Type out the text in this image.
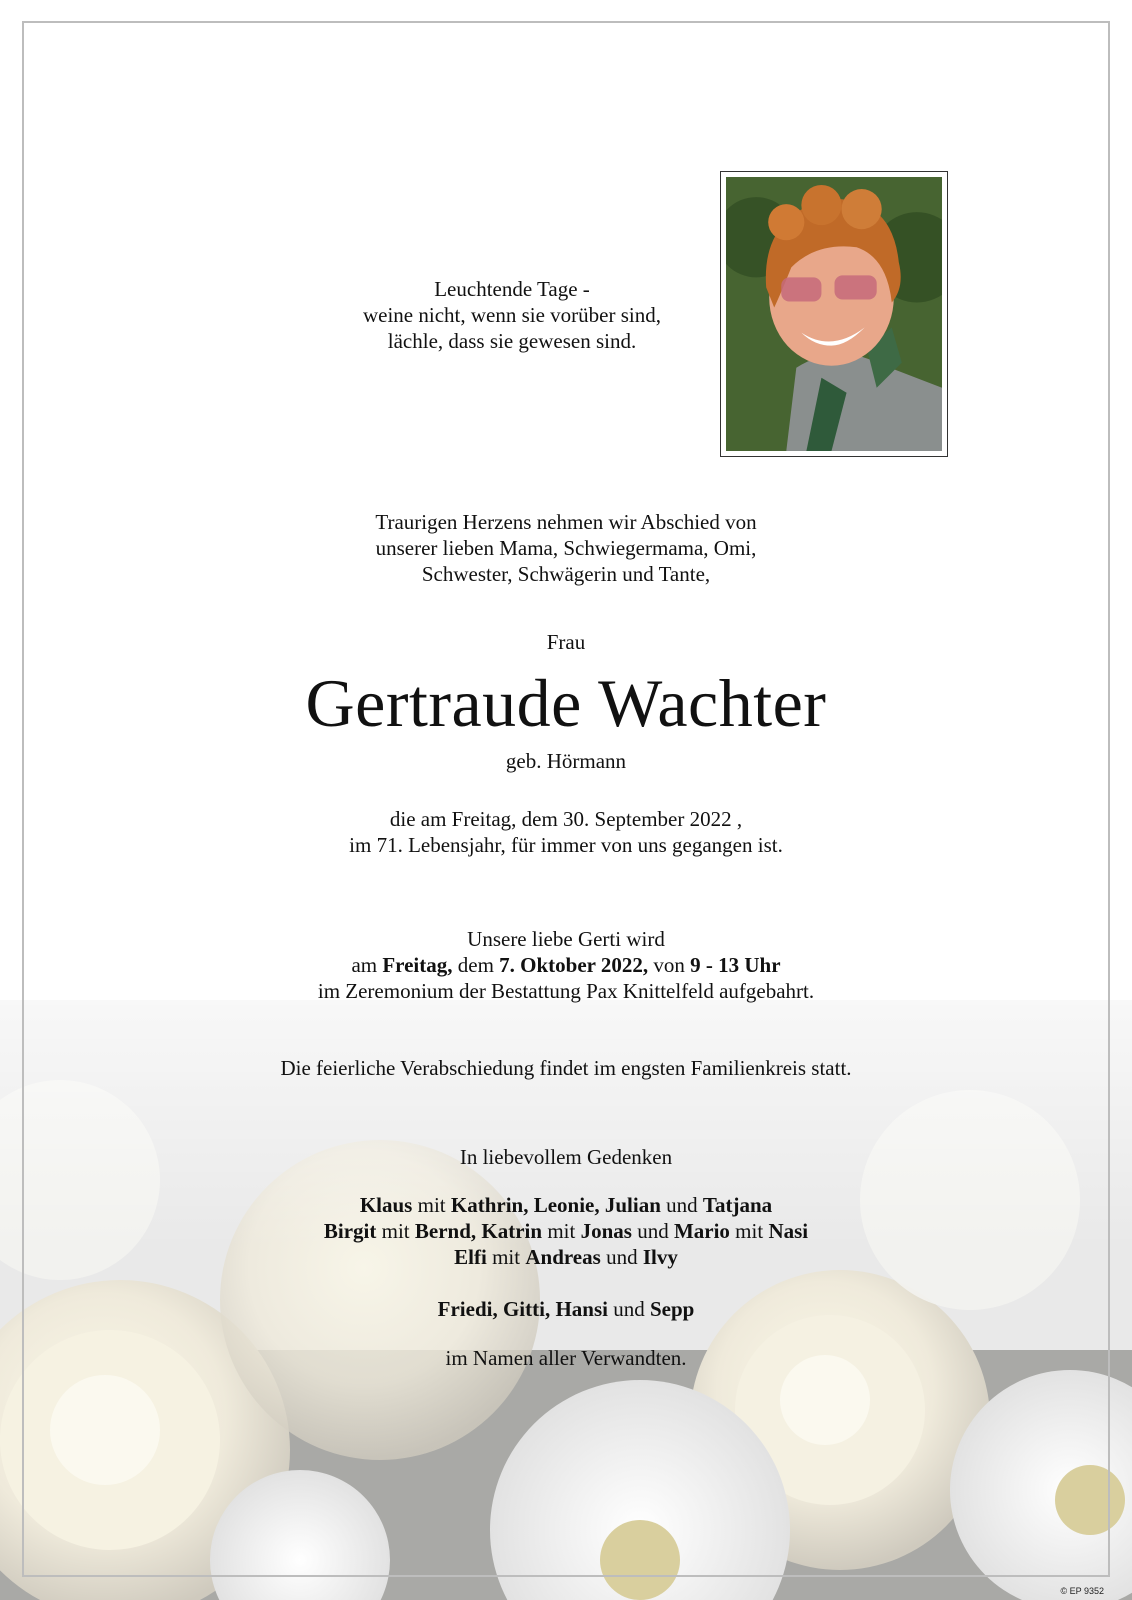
Leuchtende Tage -
weine nicht, wenn sie vorüber sind,
lächle, dass sie gewesen sind.
Traurigen Herzens nehmen wir Abschied von
unserer lieben Mama, Schwiegermama, Omi,
Schwester, Schwägerin und Tante,
Frau
Gertraude Wachter
geb. Hörmann
die am Freitag, dem 30. September 2022 ,
im 71. Lebensjahr, für immer von uns gegangen ist.
Unsere liebe Gerti wird
am Freitag, dem 7. Oktober 2022, von 9 - 13 Uhr
im Zeremonium der Bestattung Pax Knittelfeld aufgebahrt.
Die feierliche Verabschiedung findet im engsten Familienkreis statt.
In liebevollem Gedenken
Klaus mit Kathrin, Leonie, Julian und Tatjana
Birgit mit Bernd, Katrin mit Jonas und Mario mit Nasi
Elfi mit Andreas und Ilvy
Friedi, Gitti, Hansi und Sepp
im Namen aller Verwandten.
© EP 9352
